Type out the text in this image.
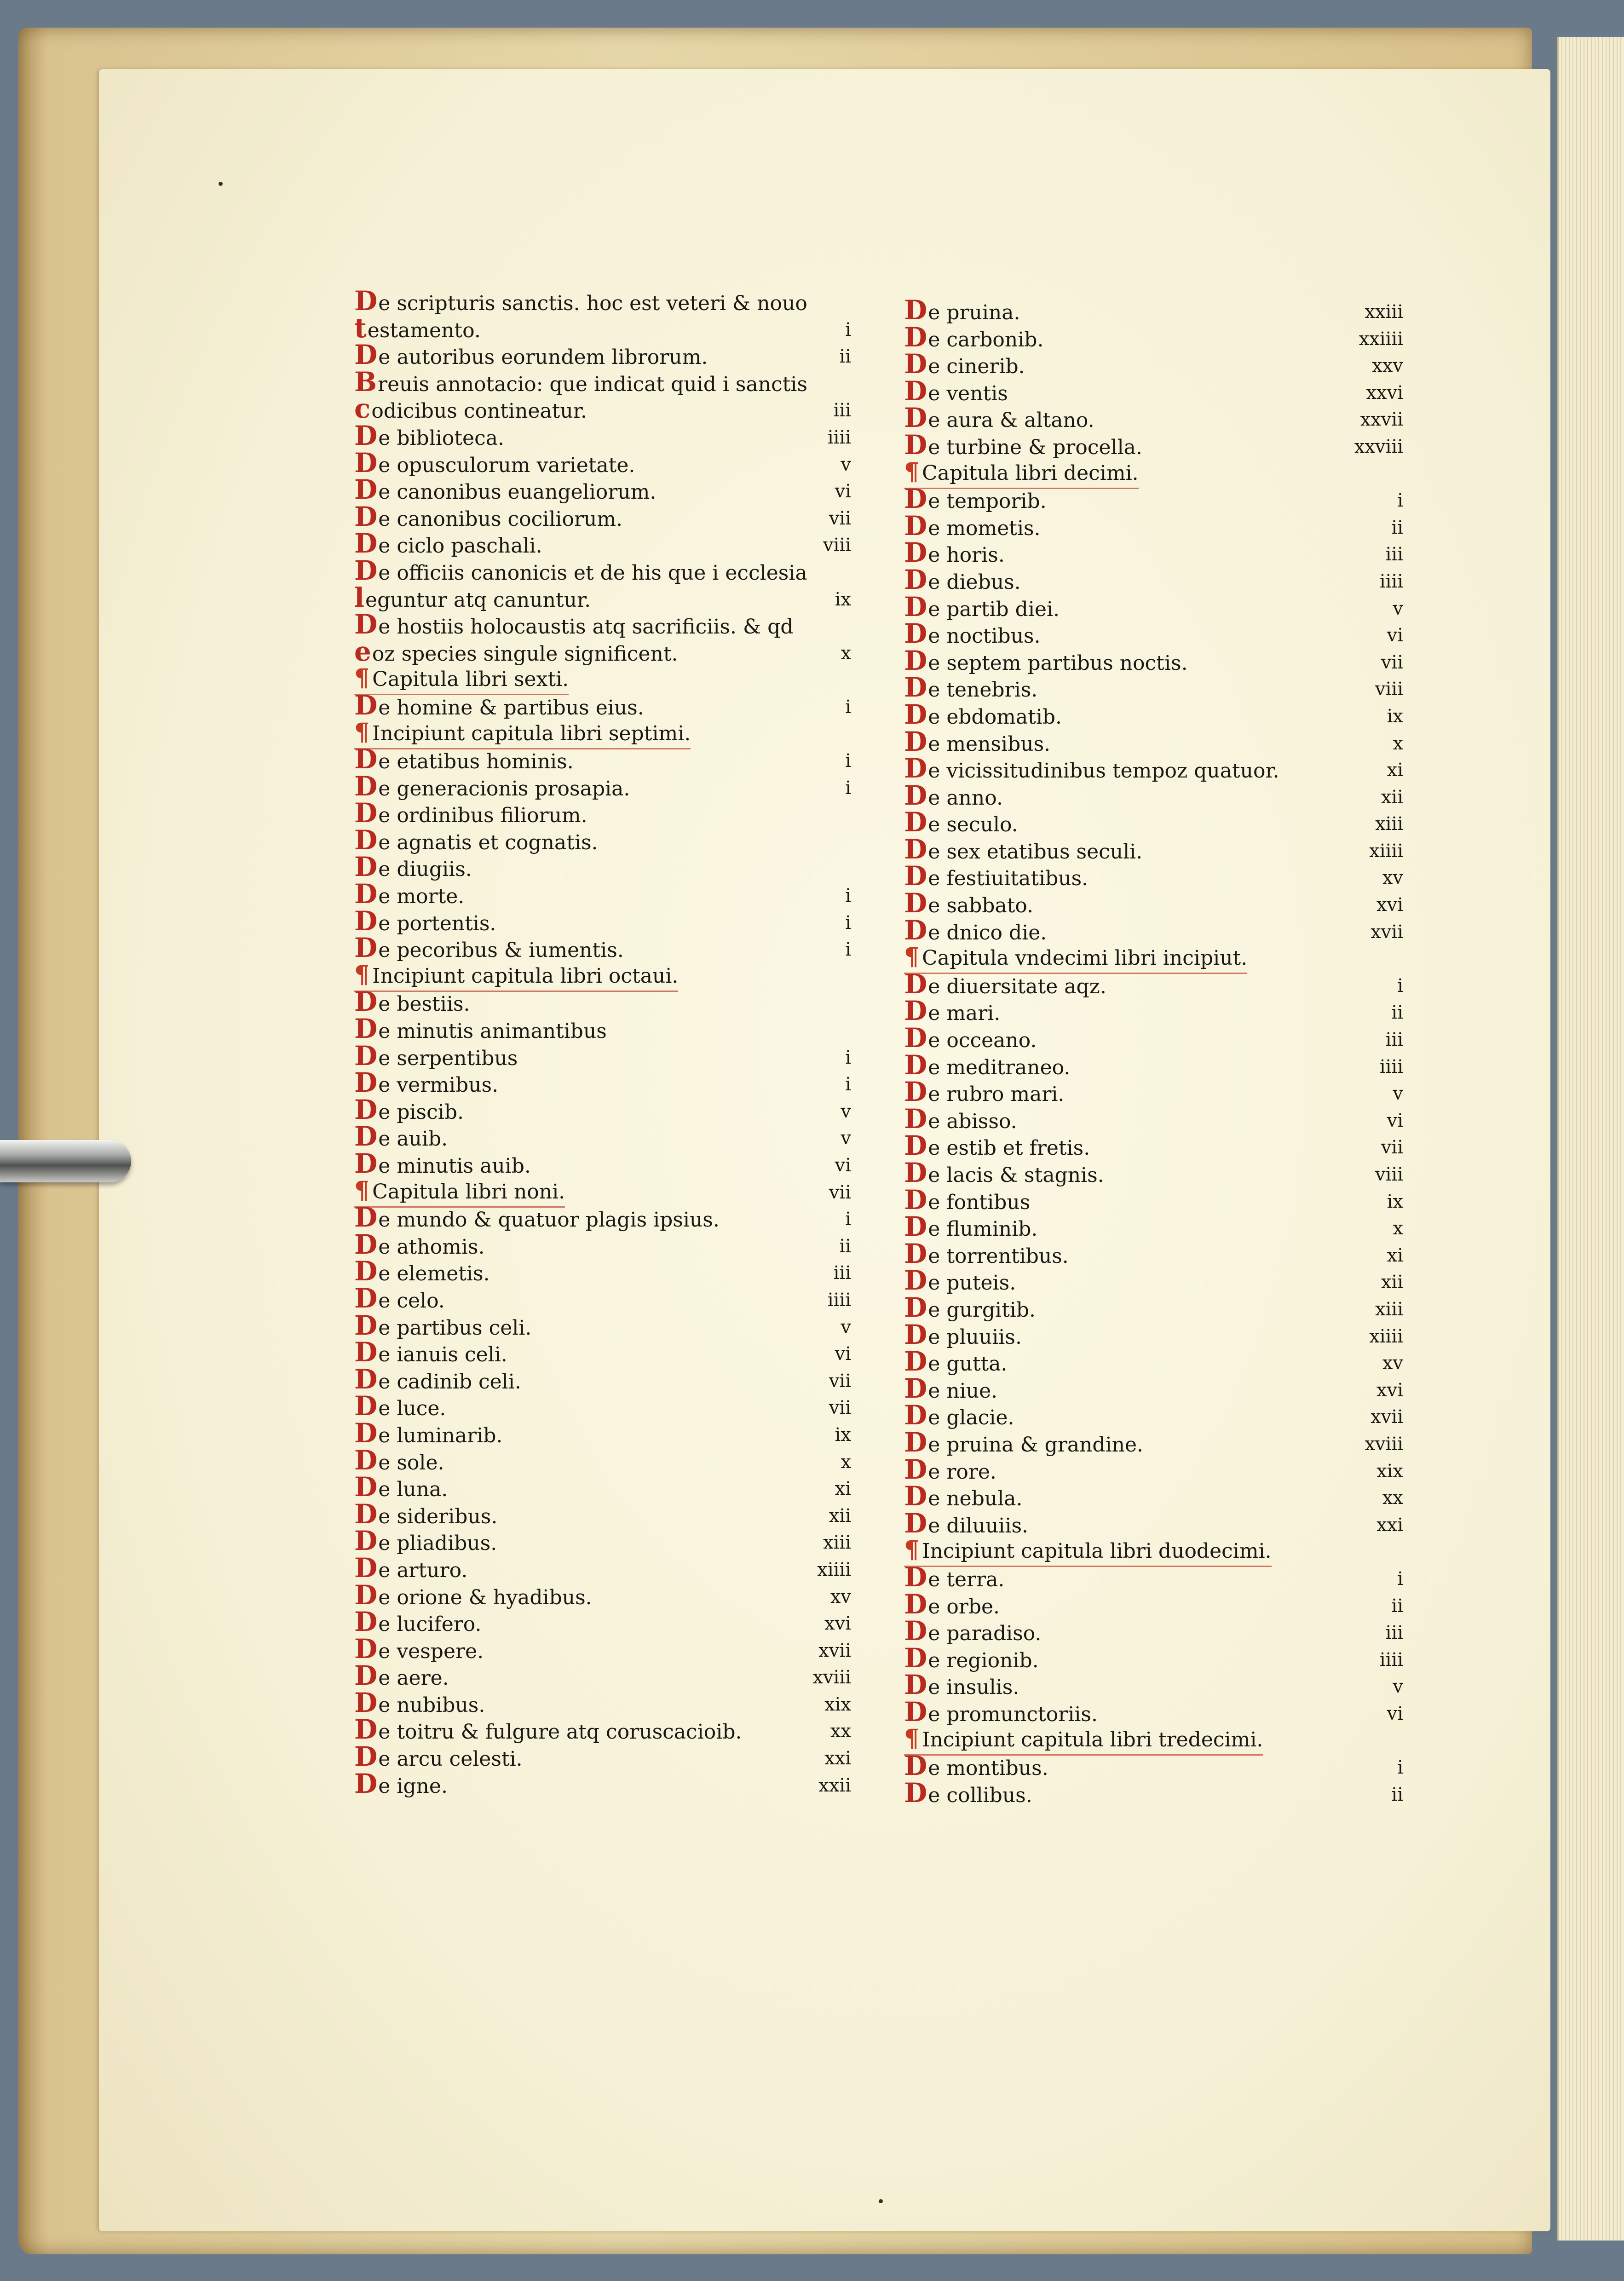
De scripturis sanctis. hoc est veteri & nouo
testamento.	i
De autoribus eorundem librorum.	ii
Breuis annotacio: que indicat quid i sanctis
codicibus contineatur.	iii
De biblioteca.	iiii
De opusculorum varietate.	v
De canonibus euangeliorum.	vi
De canonibus cociliorum.	vii
De ciclo paschali.	viii
De officiis canonicis et de his que i ecclesia
leguntur atq canuntur.	ix
De hostiis holocaustis atq sacrificiis. & qd
eoz species singule significent.	x
¶ Capitula libri sexti.
De homine & partibus eius.	i
¶ Incipiunt capitula libri septimi.
De etatibus hominis.	i
De generacionis prosapia.	i
De ordinibus filiorum.
De agnatis et cognatis.
De diugiis.
De morte.	i
De portentis.	i
De pecoribus & iumentis.	i
¶ Incipiunt capitula libri octaui.
De bestiis.
De minutis animantibus
De serpentibus	i
De vermibus.	i
De piscib.	v
De auib.	v
De minutis auib.	vi
¶ Capitula libri noni.	vii
De mundo & quatuor plagis ipsius.	i
De athomis.	ii
De elemetis.	iii
De celo.	iiii
De partibus celi.	v
De ianuis celi.	vi
De cadinib celi.	vii
De luce.	vii
De luminarib.	ix
De sole.	x
De luna.	xi
De sideribus.	xii
De pliadibus.	xiii
De arturo.	xiiii
De orione & hyadibus.	xv
De lucifero.	xvi
De vespere.	xvii
De aere.	xviii
De nubibus.	xix
De toitru & fulgure atq coruscaciоib.	xx
De arcu celesti.	xxi
De igne.	xxii
De pruina.	xxiii
De carbonib.	xxiiii
De cinerib.	xxv
De ventis	xxvi
De aura & altano.	xxvii
De turbine & procella.	xxviii
¶ Capitula libri decimi.
De temporib.	i
De mometis.	ii
De horis.	iii
De diebus.	iiii
De partib diei.	v
De noctibus.	vi
De septem partibus noctis.	vii
De tenebris.	viii
De ebdomatib.	ix
De mensibus.	x
De vicissitudinibus tempoz quatuor.	xi
De anno.	xii
De seculo.	xiii
De sex etatibus seculi.	xiiii
De festiuitatibus.	xv
De sabbato.	xvi
De dnico die.	xvii
¶ Capitula vndecimi libri incipiut.
De diuersitate aqz.	i
De mari.	ii
De occeano.	iii
De meditraneo.	iiii
De rubro mari.	v
De abisso.	vi
De estib et fretis.	vii
De lacis & stagnis.	viii
De fontibus	ix
De fluminib.	x
De torrentibus.	xi
De puteis.	xii
De gurgitib.	xiii
De pluuiis.	xiiii
De gutta.	xv
De niue.	xvi
De glacie.	xvii
De pruina & grandine.	xviii
De rore.	xix
De nebula.	xx
De diluuiis.	xxi
¶ Incipiunt capitula libri duodecimi.
De terra.	i
De orbe.	ii
De paradiso.	iii
De regionib.	iiii
De insulis.	v
De promunctoriis.	vi
¶ Incipiunt capitula libri tredecimi.
De montibus.	i
De collibus.	ii
